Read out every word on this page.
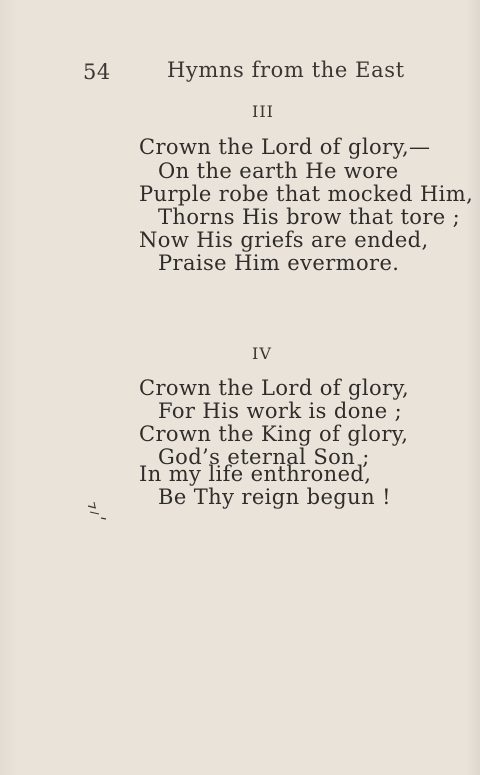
54	Hymns from the East
III
Crown the Lord of glory,—
On the earth He wore
Purple robe that mocked Him,
Thorns His brow that tore ;
Now His griefs are ended,
Praise Him evermore.
IV
Crown the Lord of glory,
For His work is done ;
Crown the King of glory,
God’s eternal Son ;
In my life enthroned,
Be Thy reign begun !
